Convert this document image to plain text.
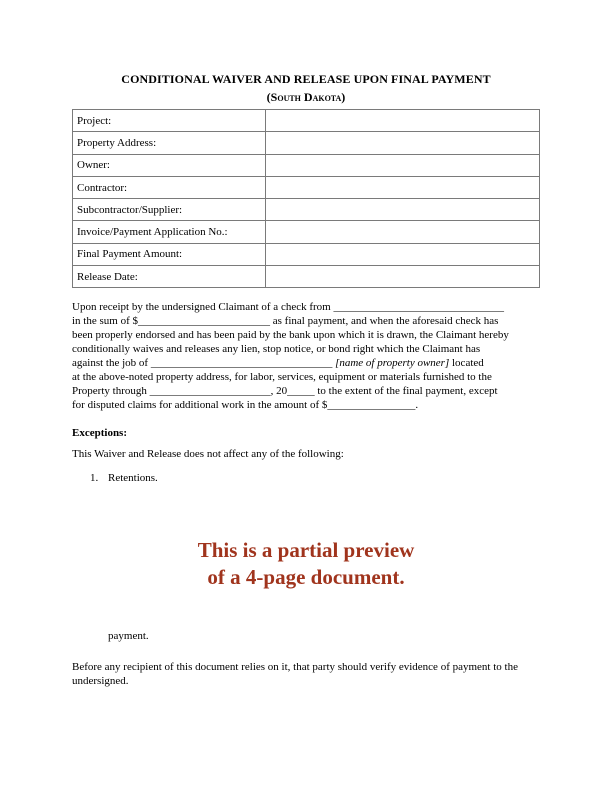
CONDITIONAL WAIVER AND RELEASE UPON FINAL PAYMENT
(South Dakota)
Project:	
Property Address:	
Owner:	
Contractor:	
Subcontractor/Supplier:	
Invoice/Payment Application No.:	
Final Payment Amount:	
Release Date:	
Upon receipt by the undersigned Claimant of a check from _______________________________
in the sum of $________________________ as final payment, and when the aforesaid check has
been properly endorsed and has been paid by the bank upon which it is drawn, the Claimant hereby
conditionally waives and releases any lien, stop notice, or bond right which the Claimant has
against the job of _________________________________ [name of property owner] located
at the above-noted property address, for labor, services, equipment or materials furnished to the
Property through ______________________, 20_____ to the extent of the final payment, except
for disputed claims for additional work in the amount of $________________.
Exceptions:
This Waiver and Release does not affect any of the following:
1. Retentions.
This is a partial preview
of a 4-page document.
payment.
Before any recipient of this document relies on it, that party should verify evidence of payment to the undersigned.
